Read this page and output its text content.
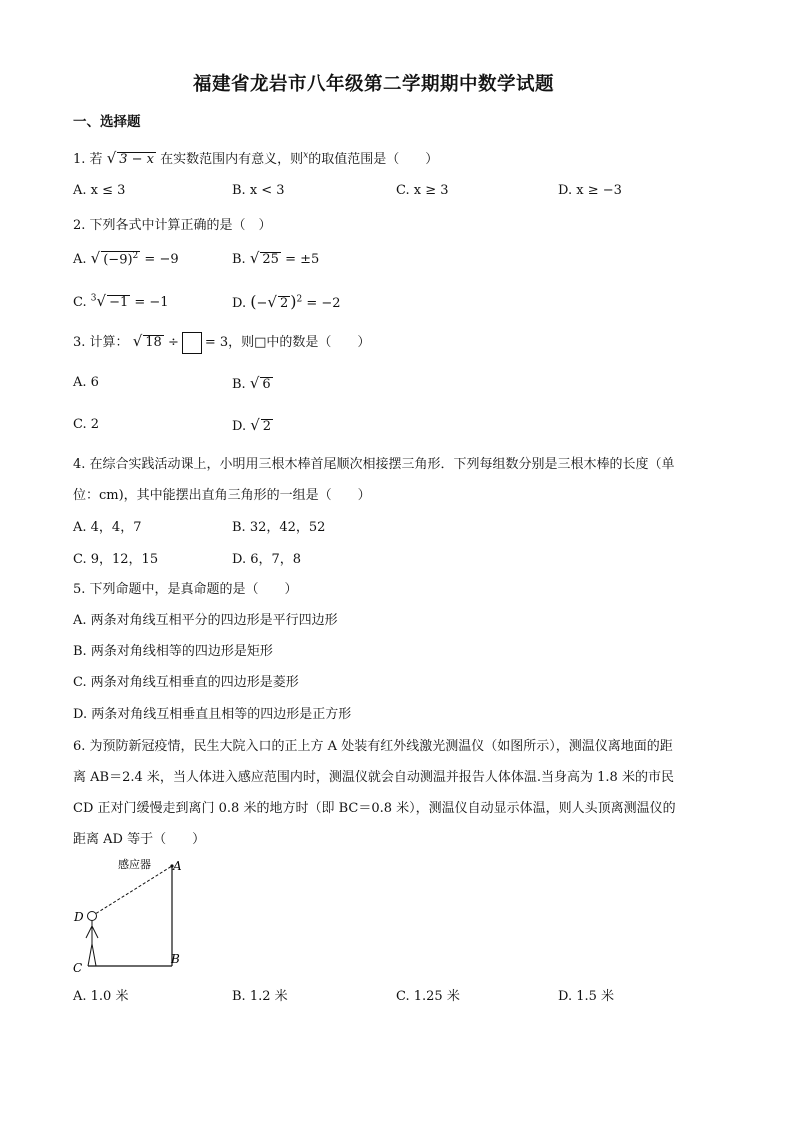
福建省龙岩市八年级第二学期期中数学试题
一、选择题
1. 若 √ 3 − x 在实数范围内有意义，则$^x$的取值范围是（　　）
A. x ≤ 3	B. x < 3	C. x ≥ 3	D. x ≥ −3
2. 下列各式中计算正确的是（　）
A. √ $(-9)^2 = -9$	B. √ 25 = ±5
C. $^3$√ −1 = −1	D. (−√ 2 )$^2$ = −2
3. 计算： √ 18 ÷ = 3，则□中的数是（　　）
A. 6	B. √ 6
C. 2	D. √ 2
4. 在综合实践活动课上，小明用三根木棒首尾顺次相接摆三角形．下列每组数分别是三根木棒的长度（单
位：cm)，其中能摆出直角三角形的一组是（　　）
A. 4，4，7	B. 32，42，52
C. 9，12，15	D. 6，7，8
5. 下列命题中，是真命题的是（　　）
A. 两条对角线互相平分的四边形是平行四边形
B. 两条对角线相等的四边形是矩形
C. 两条对角线互相垂直的四边形是菱形
D. 两条对角线互相垂直且相等的四边形是正方形
6. 为预防新冠疫情，民生大院入口的正上方 A 处装有红外线激光测温仪（如图所示），测温仪离地面的距
离 AB＝2.4 米，当人体进入感应范围内时，测温仪就会自动测温并报告人体体温.当身高为 1.8 米的市民
CD 正对门缓慢走到离门 0.8 米的地方时（即 BC＝0.8 米），测温仪自动显示体温，则人头顶离测温仪的
距离 AD 等于（　　）
感应器 A
B
C
D
A. 1.0 米	B. 1.2 米	C. 1.25 米	D. 1.5 米
